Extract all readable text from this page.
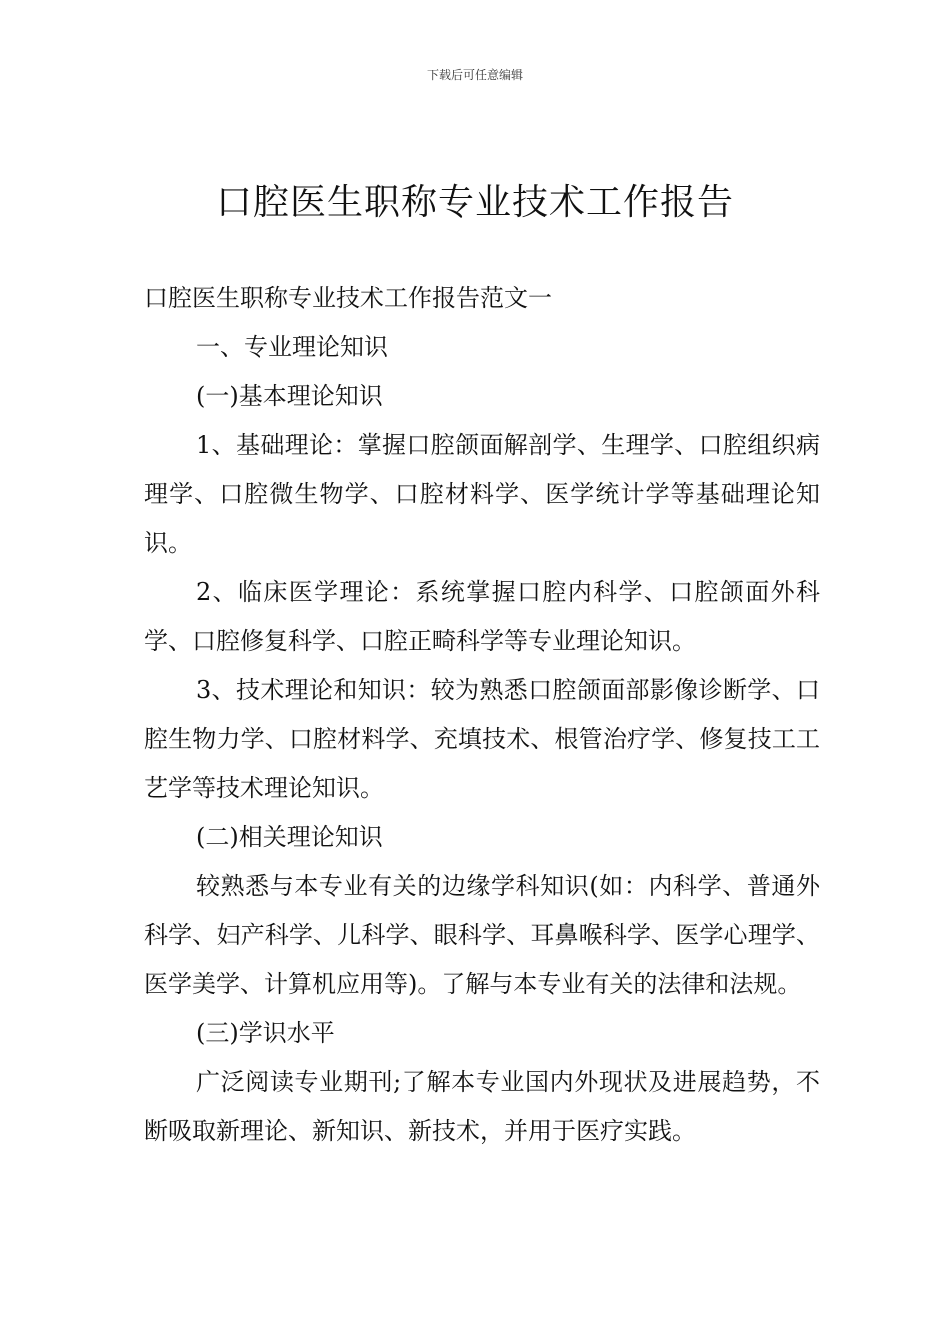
下载后可任意编辑
口腔医生职称专业技术工作报告

口腔医生职称专业技术工作报告范文一

一、专业理论知识

(一)基本理论知识

1、基础理论：掌握口腔颌面解剖学、生理学、口腔组织病理学、口腔微生物学、口腔材料学、医学统计学等基础理论知识。

2、临床医学理论：系统掌握口腔内科学、口腔颌面外科学、口腔修复科学、口腔正畸科学等专业理论知识。

3、技术理论和知识：较为熟悉口腔颌面部影像诊断学、口腔生物力学、口腔材料学、充填技术、根管治疗学、修复技工工艺学等技术理论知识。

(二)相关理论知识

较熟悉与本专业有关的边缘学科知识(如：内科学、普通外科学、妇产科学、儿科学、眼科学、耳鼻喉科学、医学心理学、医学美学、计算机应用等)。了解与本专业有关的法律和法规。

(三)学识水平

广泛阅读专业期刊;了解本专业国内外现状及进展趋势，不断吸取新理论、新知识、新技术，并用于医疗实践。
